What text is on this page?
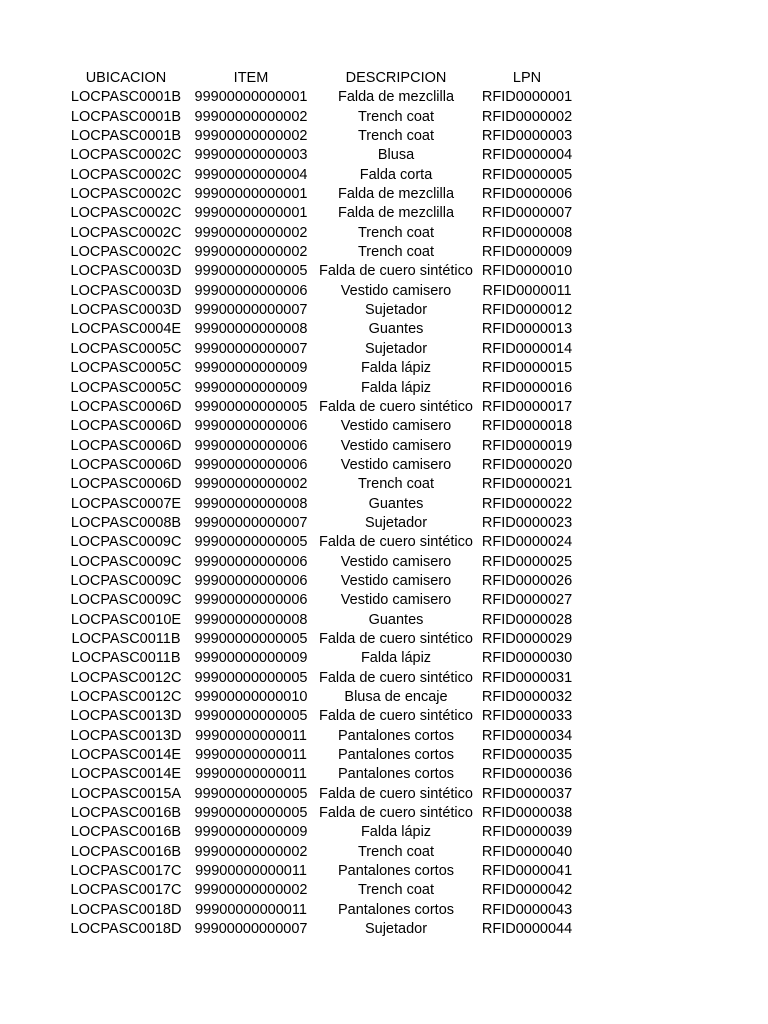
UBICACION	ITEM	DESCRIPCION	LPN
LOCPASC0001B 99900000000001	Falda de mezclilla	RFID0000001
LOCPASC0001B 99900000000002	Trench coat	RFID0000002
LOCPASC0001B 99900000000002	Trench coat	RFID0000003
LOCPASC0002C 99900000000003	Blusa	RFID0000004
LOCPASC0002C 99900000000004	Falda corta	RFID0000005
LOCPASC0002C 99900000000001	Falda de mezclilla	RFID0000006
LOCPASC0002C 99900000000001	Falda de mezclilla	RFID0000007
LOCPASC0002C 99900000000002	Trench coat	RFID0000008
LOCPASC0002C 99900000000002	Trench coat	RFID0000009
LOCPASC0003D 99900000000005 Falda de cuero sintético RFID0000010
LOCPASC0003D 99900000000006	Vestido camisero	RFID0000011
LOCPASC0003D 99900000000007	Sujetador	RFID0000012
LOCPASC0004E 99900000000008	Guantes	RFID0000013
LOCPASC0005C 99900000000007	Sujetador	RFID0000014
LOCPASC0005C 99900000000009	Falda lápiz	RFID0000015
LOCPASC0005C 99900000000009	Falda lápiz	RFID0000016
LOCPASC0006D 99900000000005 Falda de cuero sintético RFID0000017
LOCPASC0006D 99900000000006	Vestido camisero	RFID0000018
LOCPASC0006D 99900000000006	Vestido camisero	RFID0000019
LOCPASC0006D 99900000000006	Vestido camisero	RFID0000020
LOCPASC0006D 99900000000002	Trench coat	RFID0000021
LOCPASC0007E 99900000000008	Guantes	RFID0000022
LOCPASC0008B 99900000000007	Sujetador	RFID0000023
LOCPASC0009C 99900000000005 Falda de cuero sintético RFID0000024
LOCPASC0009C 99900000000006	Vestido camisero	RFID0000025
LOCPASC0009C 99900000000006	Vestido camisero	RFID0000026
LOCPASC0009C 99900000000006	Vestido camisero	RFID0000027
LOCPASC0010E 99900000000008	Guantes	RFID0000028
LOCPASC0011B 99900000000005 Falda de cuero sintético RFID0000029
LOCPASC0011B 99900000000009	Falda lápiz	RFID0000030
LOCPASC0012C 99900000000005 Falda de cuero sintético RFID0000031
LOCPASC0012C 99900000000010	Blusa de encaje	RFID0000032
LOCPASC0013D 99900000000005 Falda de cuero sintético RFID0000033
LOCPASC0013D 99900000000011	Pantalones cortos	RFID0000034
LOCPASC0014E 99900000000011	Pantalones cortos	RFID0000035
LOCPASC0014E 99900000000011	Pantalones cortos	RFID0000036
LOCPASC0015A 99900000000005 Falda de cuero sintético RFID0000037
LOCPASC0016B 99900000000005 Falda de cuero sintético RFID0000038
LOCPASC0016B 99900000000009	Falda lápiz	RFID0000039
LOCPASC0016B 99900000000002	Trench coat	RFID0000040
LOCPASC0017C 99900000000011	Pantalones cortos	RFID0000041
LOCPASC0017C 99900000000002	Trench coat	RFID0000042
LOCPASC0018D 99900000000011	Pantalones cortos	RFID0000043
LOCPASC0018D 99900000000007	Sujetador	RFID0000044
